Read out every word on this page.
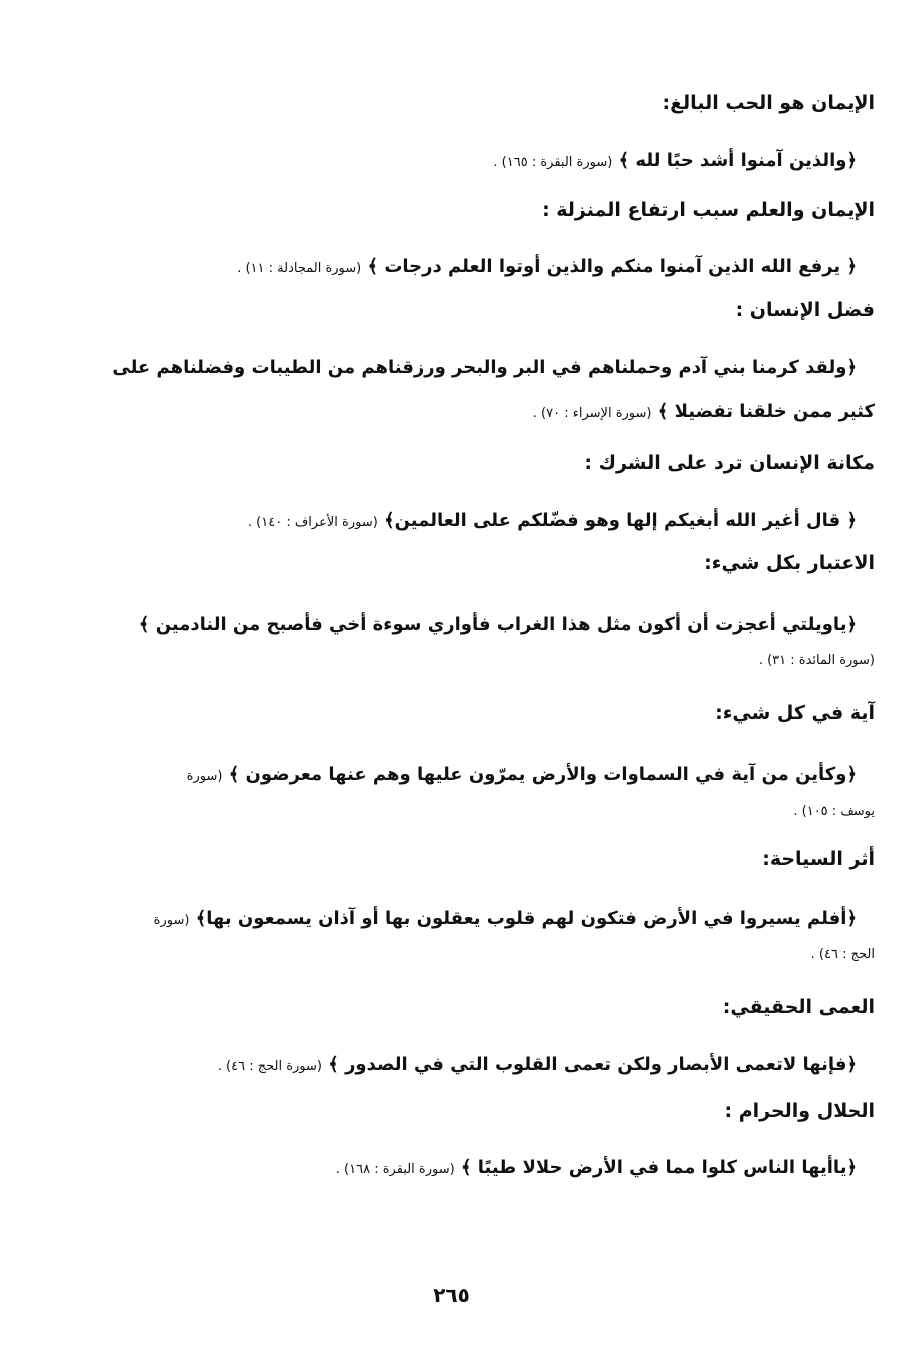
الإيمان هو الحب البالغ:
﴿والذين آمنوا أشد حبًا لله ﴾ (سورة البقرة : ١٦٥) .
الإيمان والعلم سبب ارتفاع المنزلة :
﴿ يرفع الله الذين آمنوا منكم والذين أوتوا العلم درجات ﴾ (سورة المجادلة : ١١) .
فضل الإنسان :
﴿ولقد كرمنا بني آدم وحملناهم في البر والبحر ورزقناهم من الطيبات وفضلناهم على
كثير ممن خلقنا تفضيلا ﴾ (سورة الإسراء : ٧٠) .
مكانة الإنسان ترد على الشرك :
﴿ قال أغير الله أبغيكم إلها وهو فضّلكم على العالمين﴾ (سورة الأعراف : ١٤٠) .
الاعتبار بكل شيء:
﴿ياويلتي أعجزت أن أكون مثل هذا الغراب فأواري سوءة أخي فأصبح من النادمين ﴾
(سورة المائدة : ٣١) .
آية في كل شيء:
﴿وكأين من آية في السماوات والأرض يمرّون عليها وهم عنها معرضون ﴾ (سورة
يوسف : ١٠٥) .
أثر السياحة:
﴿أفلم يسيروا في الأرض فتكون لهم قلوب يعقلون بها أو آذان يسمعون بها﴾ (سورة
الحج : ٤٦) .
العمى الحقيقي:
﴿فإنها لاتعمى الأبصار ولكن تعمى القلوب التي في الصدور ﴾ (سورة الحج : ٤٦) .
الحلال والحرام :
﴿ياأيها الناس كلوا مما في الأرض حلالا طيبًا ﴾ (سورة البقرة : ١٦٨) .
٢٦٥
